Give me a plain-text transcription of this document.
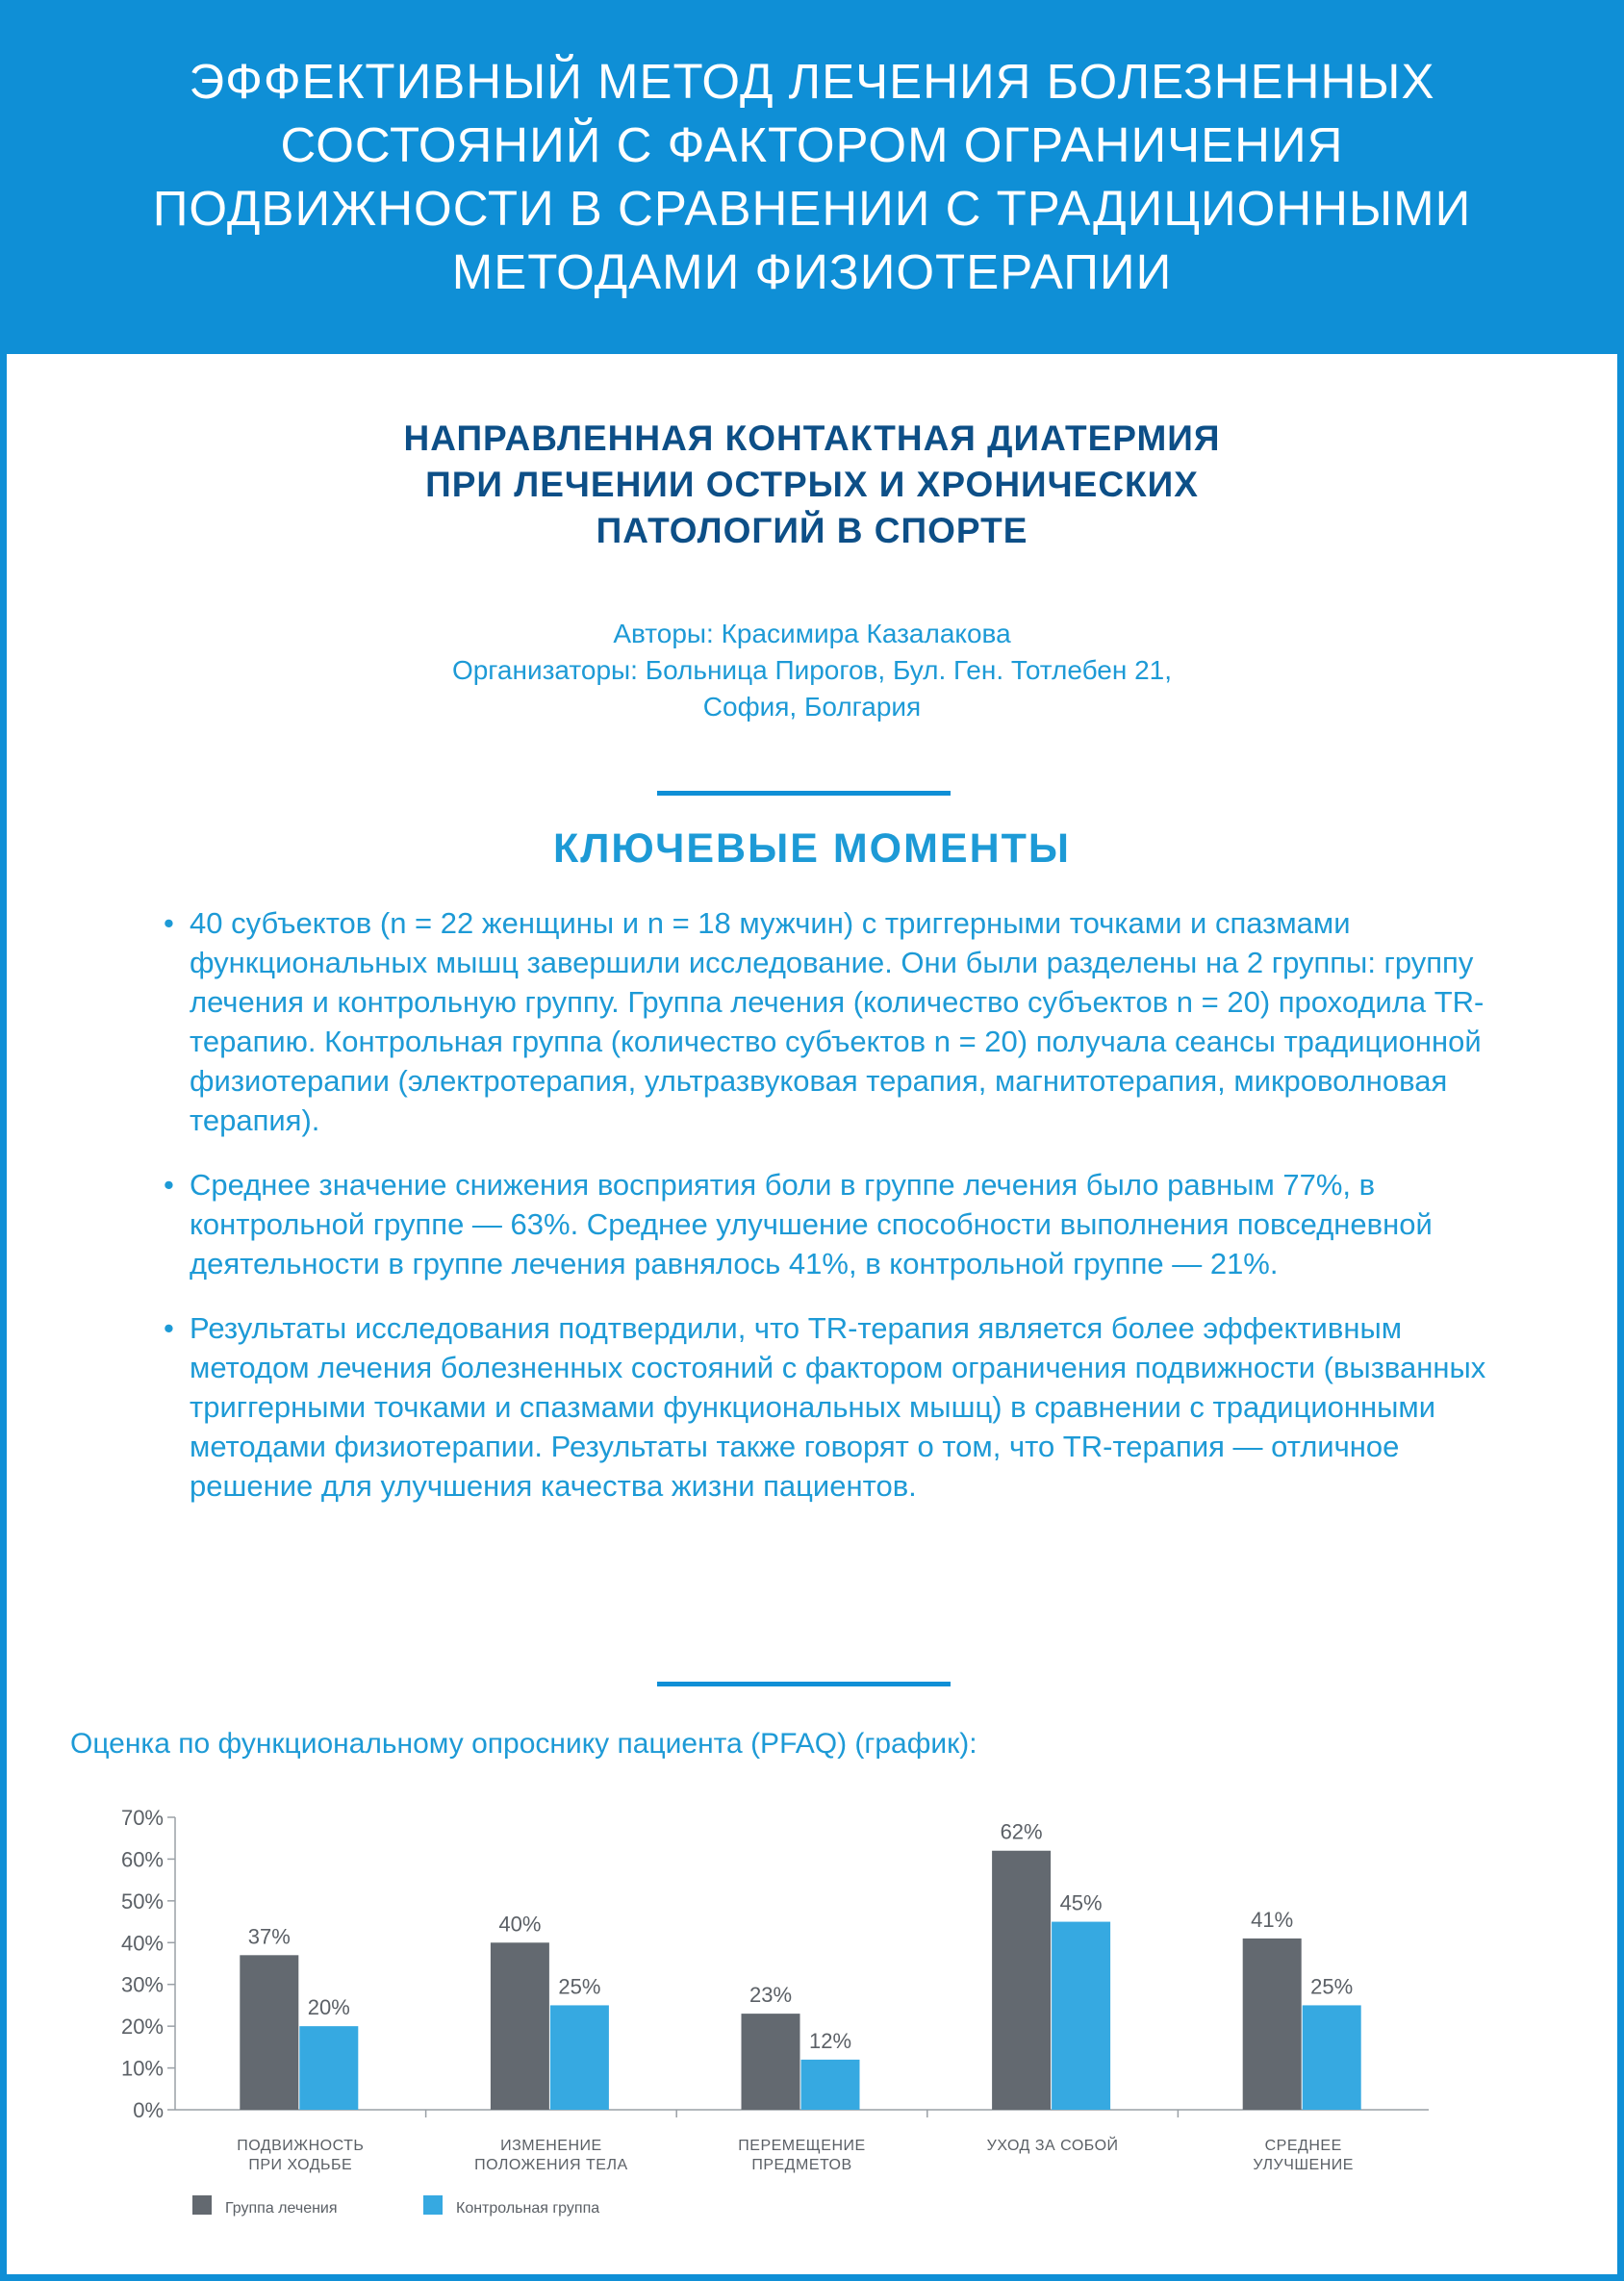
ЭФФЕКТИВНЫЙ МЕТОД ЛЕЧЕНИЯ БОЛЕЗНЕННЫХ
СОСТОЯНИЙ С ФАКТОРОМ ОГРАНИЧЕНИЯ
ПОДВИЖНОСТИ В СРАВНЕНИИ С ТРАДИЦИОННЫМИ
МЕТОДАМИ ФИЗИОТЕРАПИИ
НАПРАВЛЕННАЯ КОНТАКТНАЯ ДИАТЕРМИЯ
ПРИ ЛЕЧЕНИИ ОСТРЫХ И ХРОНИЧЕСКИХ
ПАТОЛОГИЙ В СПОРТЕ

Авторы: Красимира Казалакова

Организаторы: Больница Пирогов, Бул. Ген. Тотлебен 21,

София, Болгария

КЛЮЧЕВЫЕ МОМЕНТЫ
• 40 субъектов (n = 22 женщины и n = 18 мужчин) с триггерными точками и спазмами функциональных мышц завершили исследование. Они были разделены на 2 группы: группу лечения и контрольную группу. Группа лечения (количество субъектов n = 20) проходила TR-терапию. Контрольная группа (количество субъектов n = 20) получала сеансы традиционной физиотерапии (электротерапия, ультразвуковая терапия, магнитотерапия, микроволновая терапия).
• Среднее значение снижения восприятия боли в группе лечения было равным 77%, в контрольной группе — 63%. Среднее улучшение способности выполнения повседневной деятельности в группе лечения равнялось 41%, в контрольной группе — 21%.
• Результаты исследования подтвердили, что TR-терапия является более эффективным методом лечения болезненных состояний с фактором ограничения подвижности (вызванных триггерными точками и спазмами функциональных мышц) в сравнении с традиционными методами физиотерапии. Результаты также говорят о том, что TR-терапия — отличное решение для улучшения качества жизни пациентов.

Оценка по функциональному опроснику пациента (PFAQ) (график):

0%
10%
20%
30%
40%
50%
60%
70%
37%
20%
ПОДВИЖНОСТЬ
ПРИ ХОДЬБЕ
40%
25%
ИЗМЕНЕНИЕ
ПОЛОЖЕНИЯ ТЕЛА
23%
12%
ПЕРЕМЕЩЕНИЕ
ПРЕДМЕТОВ
62%
45%
УХОД ЗА СОБОЙ
41%
25%
СРЕДНЕЕ
УЛУЧШЕНИЕ
Группа лечения	Контрольная группа
